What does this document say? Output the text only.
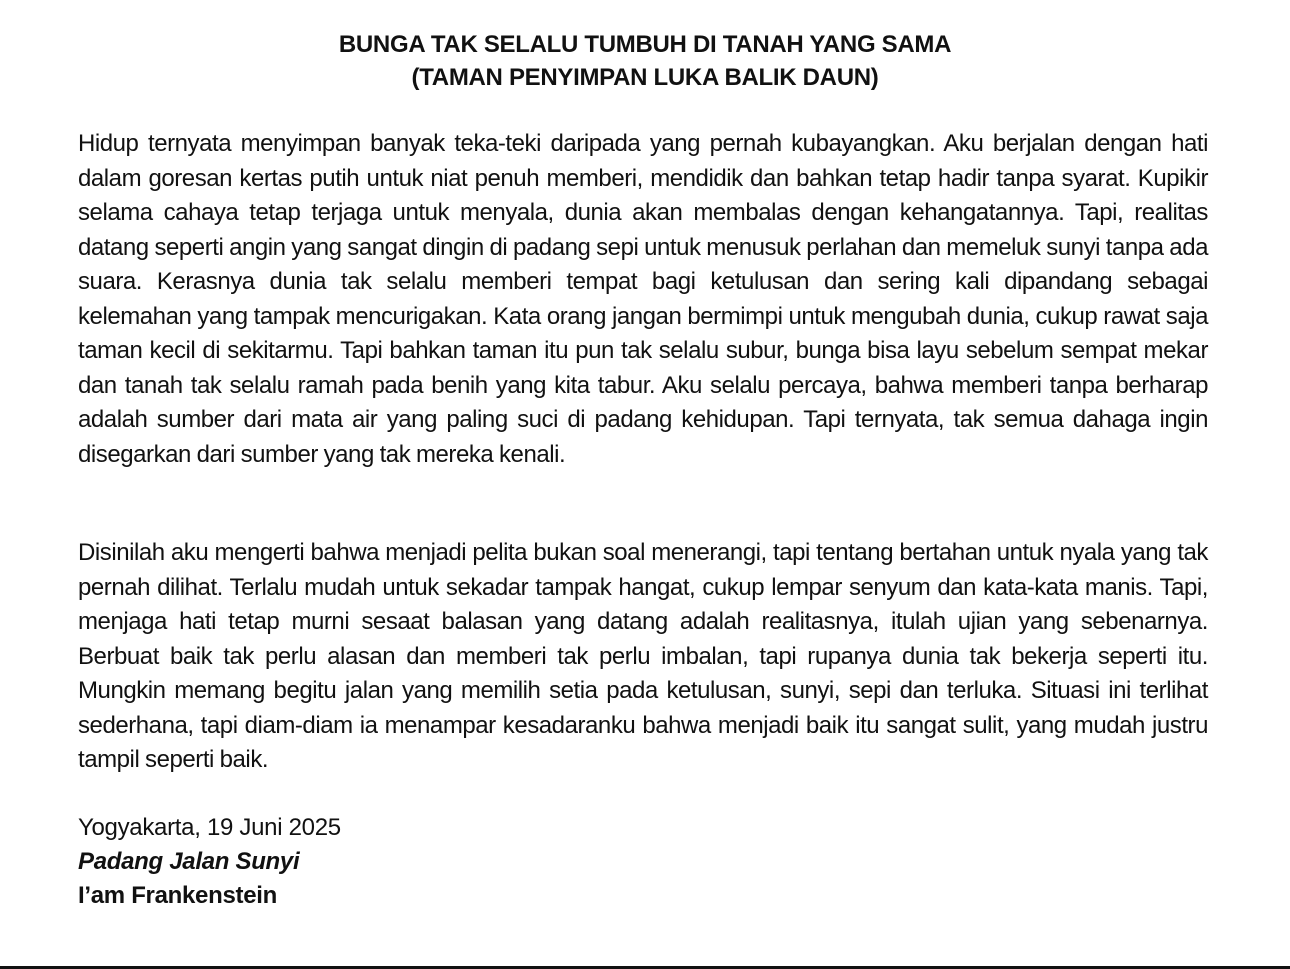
BUNGA TAK SELALU TUMBUH DI TANAH YANG SAMA
(TAMAN PENYIMPAN LUKA BALIK DAUN)

Hidup ternyata menyimpan banyak teka-teki daripada yang pernah kubayangkan. Aku berjalan dengan hati dalam goresan kertas putih untuk niat penuh memberi, mendidik dan bahkan tetap hadir tanpa syarat. Kupikir selama cahaya tetap terjaga untuk menyala, dunia akan membalas dengan kehangatannya. Tapi, realitas datang seperti angin yang sangat dingin di padang sepi untuk menusuk perlahan dan memeluk sunyi tanpa ada suara. Kerasnya dunia tak selalu memberi tempat bagi ketulusan dan sering kali dipandang sebagai kelemahan yang tampak mencurigakan. Kata orang jangan bermimpi untuk mengubah dunia, cukup rawat saja taman kecil di sekitarmu. Tapi bahkan taman itu pun tak selalu subur, bunga bisa layu sebelum sempat mekar dan tanah tak selalu ramah pada benih yang kita tabur. Aku selalu percaya, bahwa memberi tanpa berharap adalah sumber dari mata air yang paling suci di padang kehidupan. Tapi ternyata, tak semua dahaga ingin disegarkan dari sumber yang tak mereka kenali.

Disinilah aku mengerti bahwa menjadi pelita bukan soal menerangi, tapi tentang bertahan untuk nyala yang tak pernah dilihat. Terlalu mudah untuk sekadar tampak hangat, cukup lempar senyum dan kata-kata manis. Tapi, menjaga hati tetap murni sesaat balasan yang datang adalah realitasnya, itulah ujian yang sebenarnya. Berbuat baik tak perlu alasan dan memberi tak perlu imbalan, tapi rupanya dunia tak bekerja seperti itu. Mungkin memang begitu jalan yang memilih setia pada ketulusan, sunyi, sepi dan terluka. Situasi ini terlihat sederhana, tapi diam-diam ia menampar kesadaranku bahwa menjadi baik itu sangat sulit, yang mudah justru tampil seperti baik.

Yogyakarta, 19 Juni 2025
Padang Jalan Sunyi
I’am Frankenstein
